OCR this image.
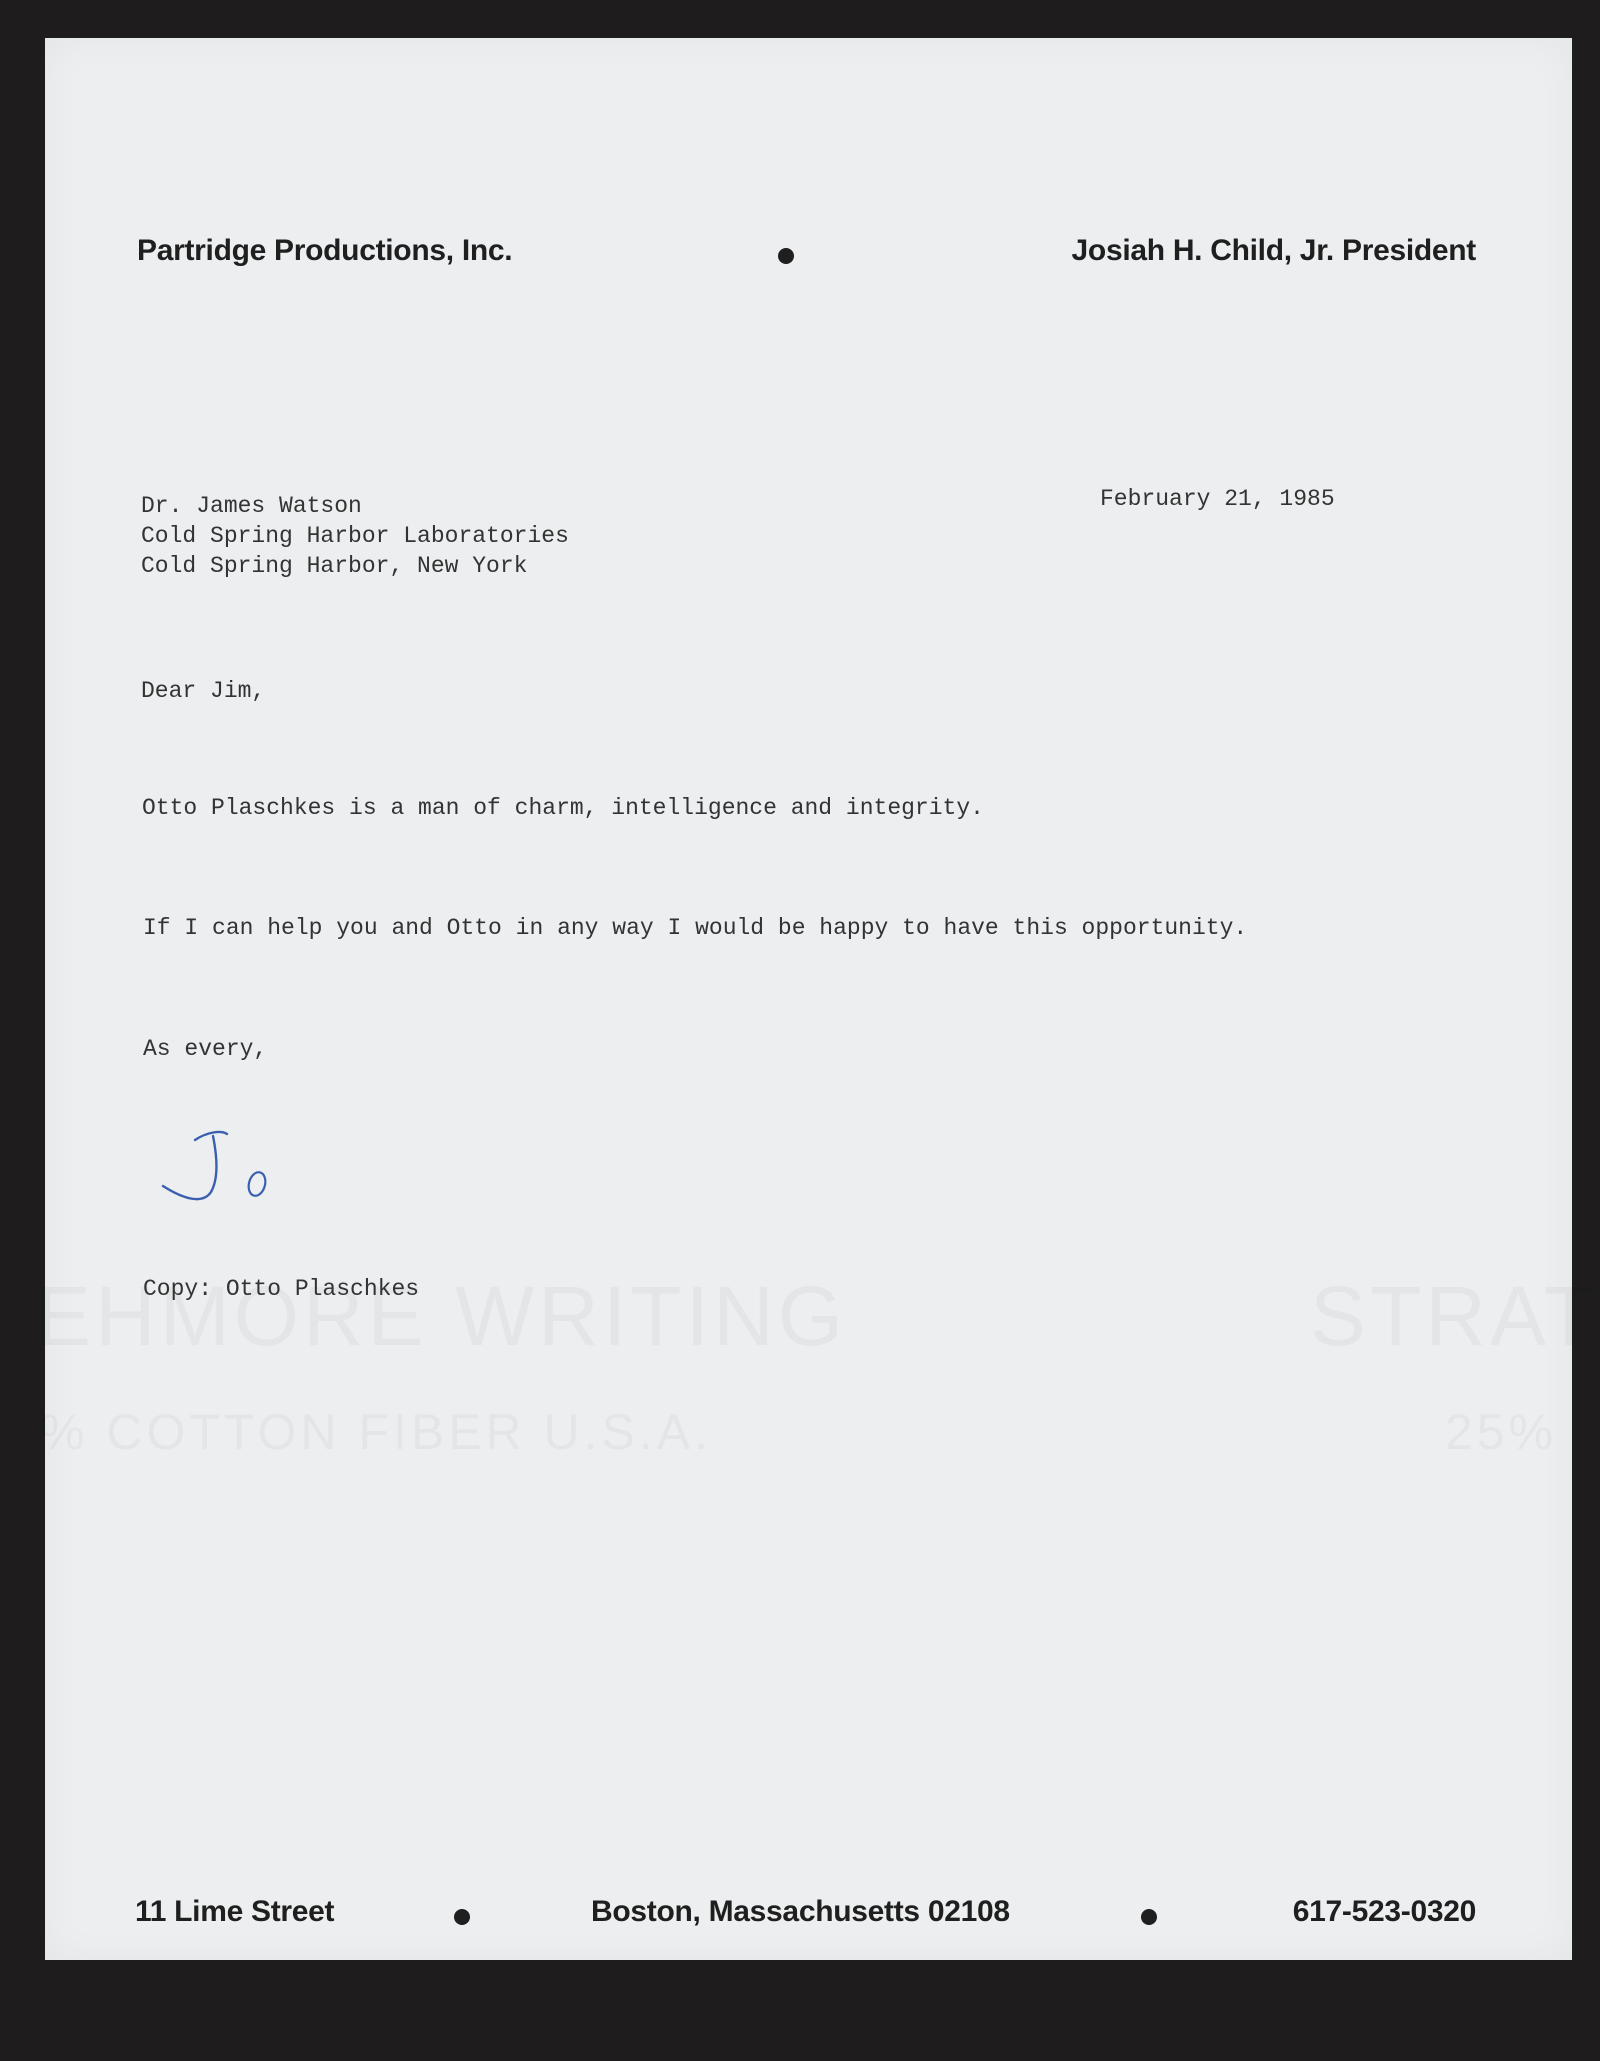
Partridge Productions, Inc.	Josiah H. Child, Jr. President
February 21, 1985
Dr. James Watson
Cold Spring Harbor Laboratories
Cold Spring Harbor, New York
Dear Jim,
Otto Plaschkes is a man of charm, intelligence and integrity.
If I can help you and Otto in any way I would be happy to have this opportunity.
As every,
Copy: Otto Plaschkes
11 Lime Street	Boston, Massachusetts 02108	617-523-0320
